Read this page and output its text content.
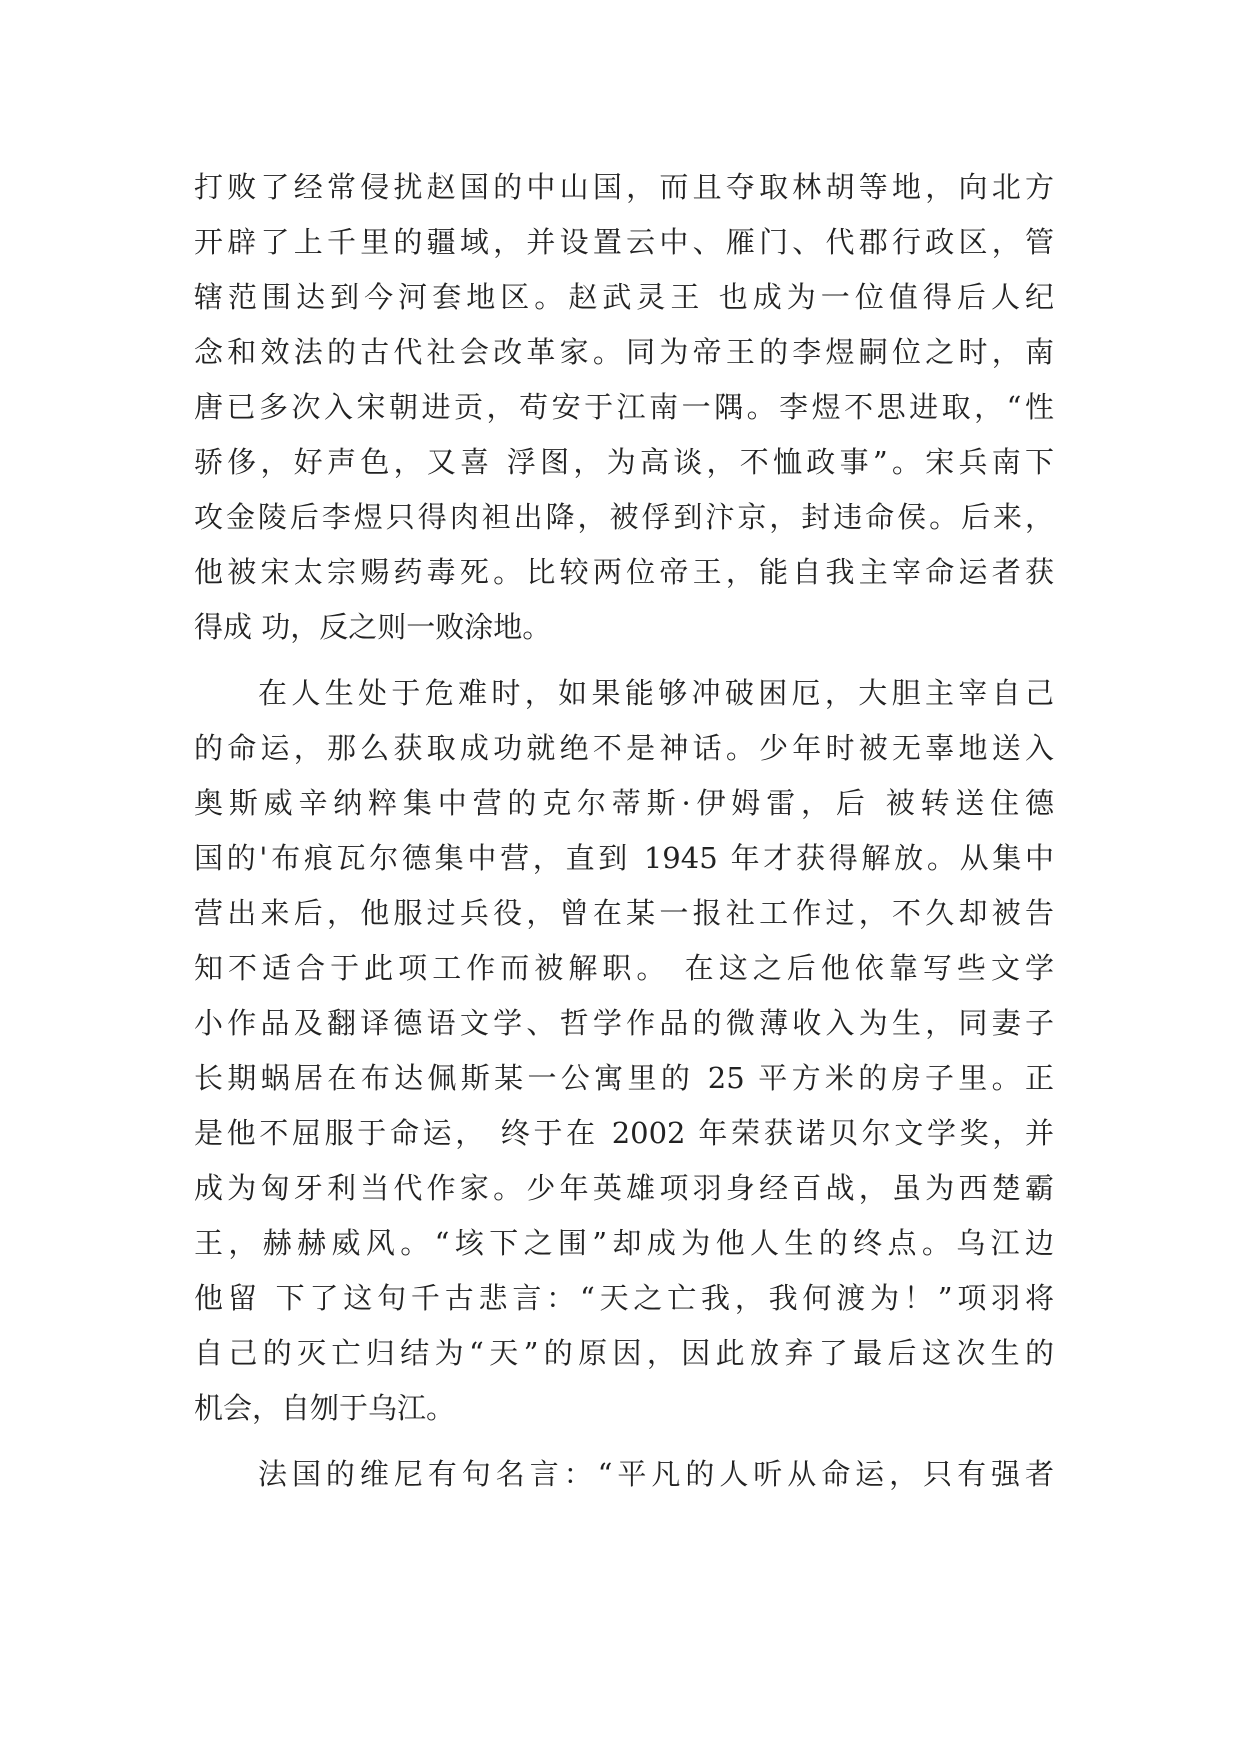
打败了经常侵扰赵国的中山国，而且夺取林胡等地，向北方
开辟了上千里的疆域，并设置云中、雁门、代郡行政区，管
辖范围达到今河套地区。赵武灵王 也成为一位值得后人纪
念和效法的古代社会改革家。同为帝王的李煜嗣位之时，南
唐已多次入宋朝进贡，苟安于江南一隅。李煜不思进取，“性
骄侈，好声色，又喜 浮图，为高谈，不恤政事”。宋兵南下
攻金陵后李煜只得肉袒出降，被俘到汴京，封违命侯。后来，
他被宋太宗赐药毒死。比较两位帝王，能自我主宰命运者获
得成 功，反之则一败涂地。
在人生处于危难时，如果能够冲破困厄，大胆主宰自己
的命运，那么获取成功就绝不是神话。少年时被无辜地送入
奥斯威辛纳粹集中营的克尔蒂斯·伊姆雷，后 被转送住德
国的'布痕瓦尔德集中营，直到 1945 年才获得解放。从集中
营出来后，他服过兵役，曾在某一报社工作过，不久却被告
知不适合于此项工作而被解职。 在这之后他依靠写些文学
小作品及翻译德语文学、哲学作品的微薄收入为生，同妻子
长期蜗居在布达佩斯某一公寓里的 25 平方米的房子里。正
是他不屈服于命运， 终于在 2002 年荣获诺贝尔文学奖，并
成为匈牙利当代作家。少年英雄项羽身经百战，虽为西楚霸
王，赫赫威风。“垓下之围”却成为他人生的终点。乌江边
他留 下了这句千古悲言：“天之亡我，我何渡为！”项羽将
自己的灭亡归结为“天”的原因，因此放弃了最后这次生的
机会，自刎于乌江。
法国的维尼有句名言：“平凡的人听从命运，只有强者
